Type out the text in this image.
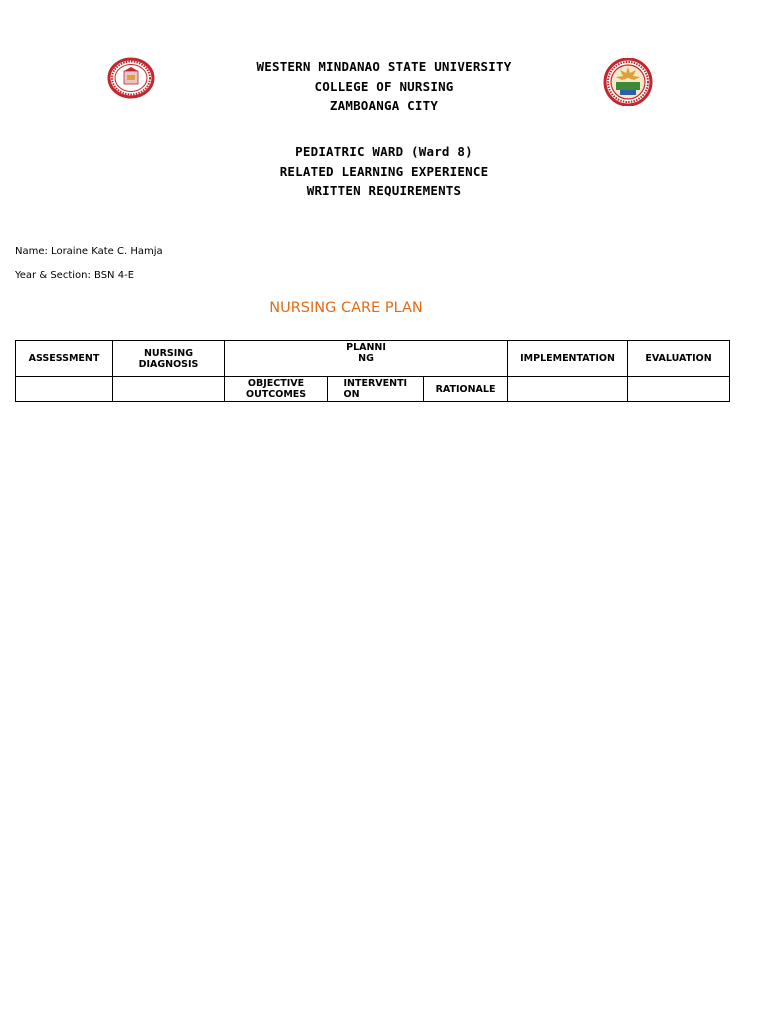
WESTERN MINDANAO STATE UNIVERSITY
COLLEGE OF NURSING
ZAMBOANGA CITY
PEDIATRIC WARD (Ward 8)
RELATED LEARNING EXPERIENCE
WRITTEN REQUIREMENTS
Name: Loraine Kate C. Hamja
Year & Section: BSN 4-E
NURSING CARE PLAN
ASSESSMENT	NURSING DIAGNOSIS	PLANNING			IMPLEMENTATION	EVALUATION
		OBJECTIVE OUTCOMES	INTERVENTION	RATIONALE		
